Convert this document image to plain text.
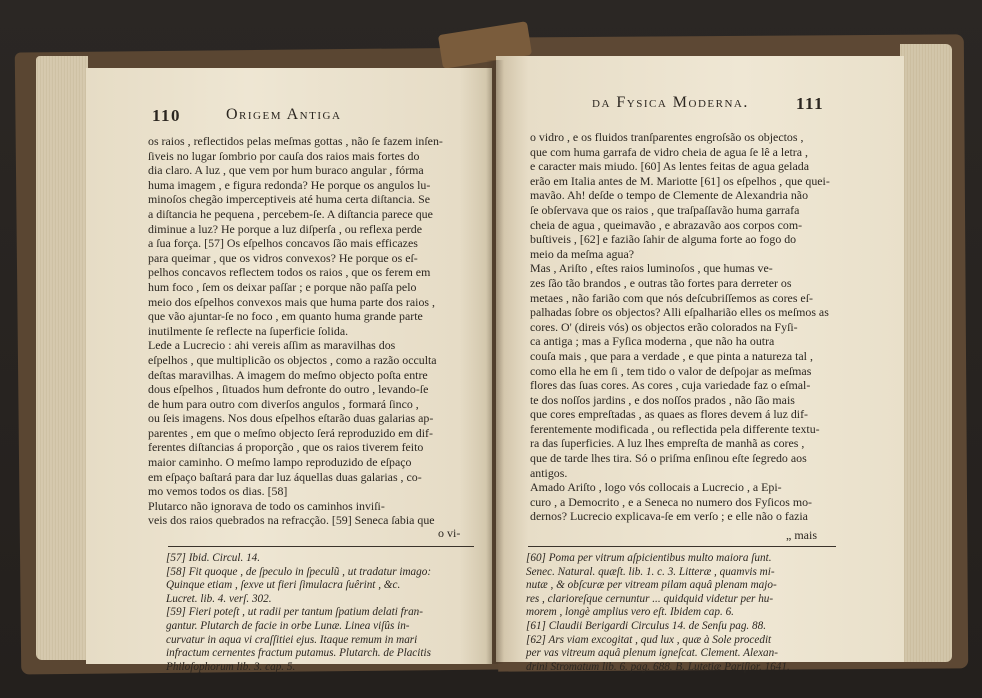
110	Origem Antiga

os raios , reflectidos pelas meſmas gottas , não ſe fazem inſen-

ſiveis no lugar ſombrio por cauſa dos raios mais fortes do

dia claro. A luz , que vem por hum buraco angular , fórma

huma imagem , e figura redonda? He porque os angulos lu-

minoſos chegão imperceptiveis até huma certa diſtancia. Se

a diſtancia he pequena , percebem-ſe. A diſtancia parece que

diminue a luz? He porque a luz diſperſa , ou reflexa perde

a ſua força. [57] Os eſpelhos concavos ſão mais efficazes

para queimar , que os vidros convexos? He porque os eſ-

pelhos concavos reflectem todos os raios , que os ferem em

hum foco , ſem os deixar paſſar ; e porque não paſſa pelo

meio dos eſpelhos convexos mais que huma parte dos raios ,

que vão ajuntar-ſe no foco , em quanto huma grande parte

inutilmente ſe reflecte na ſuperficie ſolida.

Lede a Lucrecio : ahi vereis aſſim as maravilhas dos

eſpelhos , que multiplicão os objectos , como a razão occulta

deſtas maravilhas. A imagem do meſmo objecto poſta entre

dous eſpelhos , ſituados hum defronte do outro , levando-ſe

de hum para outro com diverſos angulos , formará ſinco ,

ou ſeis imagens. Nos dous eſpelhos eſtarão duas galarias ap-

parentes , em que o meſmo objecto ſerá reproduzido em dif-

ferentes diſtancias á proporção , que os raios tiverem feito

maior caminho. O meſmo lampo reproduzido de eſpaço

em eſpaço baſtará para dar luz áquellas duas galarias , co-

mo vemos todos os dias. [58]

Plutarco não ignorava de todo os caminhos inviſi-

veis dos raios quebrados na refracção. [59] Seneca ſabia que

o vi-

[57] Ibid. Circul. 14.

[58] Fit quoque , de ſpeculo in ſpeculũ , ut tradatur imago:

Quinque etiam , ſexve ut fieri ſimulacra ſuêrint , &c.

Lucret. lib. 4. verſ. 302.

[59] Fieri poteſt , ut radii per tantum ſpatium delati fran-

gantur. Plutarch de facie in orbe Lunæ. Linea viſûs in-

curvatur in aqua vi craſſitiei ejus. Itaque remum in mari

infractum cernentes fractum putamus. Plutarch. de Placitis

Philoſophorum lib. 3. cap. 5.

da Fysica Moderna.	111

o vidro , e os fluidos tranſparentes engroſsão os objectos ,

que com huma garrafa de vidro cheia de agua ſe lê a letra ,

e caracter mais miudo. [60] As lentes feitas de agua gelada

erão em Italia antes de M. Mariotte [61] os eſpelhos , que quei-

mavão. Ah! deſde o tempo de Clemente de Alexandria não

ſe obſervava que os raios , que traſpaſſavão huma garrafa

cheia de agua , queimavão , e abrazavão aos corpos com-

buſtiveis , [62] e fazião ſahir de alguma forte ao fogo do

meio da meſma agua?

Mas , Ariſto , eſtes raios luminoſos , que humas ve-

zes ſão tão brandos , e outras tão fortes para derreter os

metaes , não farião com que nós deſcubriſſemos as cores eſ-

palhadas ſobre os objectos? Alli eſpalharião elles os meſmos as

cores. O' (direis vós) os objectos erão colorados na Fyſi-

ca antiga ; mas a Fyſica moderna , que não ha outra

couſa mais , que para a verdade , e que pinta a natureza tal ,

como ella he em ſi , tem tido o valor de deſpojar as meſmas

flores das ſuas cores. As cores , cuja variedade faz o eſmal-

te dos noſſos jardins , e dos noſſos prados , não ſão mais

que cores empreſtadas , as quaes as flores devem á luz dif-

ferentemente modificada , ou reflectida pela differente textu-

ra das ſuperficies. A luz lhes empreſta de manhã as cores ,

que de tarde lhes tira. Só o priſma enſinou eſte ſegredo aos

antigos.

Amado Ariſto , logo vós collocais a Lucrecio , a Epi-

curo , a Democrito , e a Seneca no numero dos Fyſicos mo-

dernos? Lucrecio explicava-ſe em verſo ; e elle não o fazia

„ mais

[60] Poma per vitrum aſpicientibus multo maiora ſunt.

Senec. Natural. quæſt. lib. 1. c. 3. Litteræ , quamvis mi-

nutæ , & obſcuræ per vitream pilam aquâ plenam majo-

res , clarioreſque cernuntur ... quidquid videtur per hu-

morem , longè amplius vero eſt. Ibidem cap. 6.

[61] Claudii Berigardi Circulus 14. de Senſu pag. 88.

[62] Ars viam excogitat , qud lux , quæ à Sole procedit

per vas vitreum aquâ plenum igneſcat. Clement. Alexan-

drini Stromatum lib. 6. pag. 688. B. Lutetiæ Pariſior. 1641.
